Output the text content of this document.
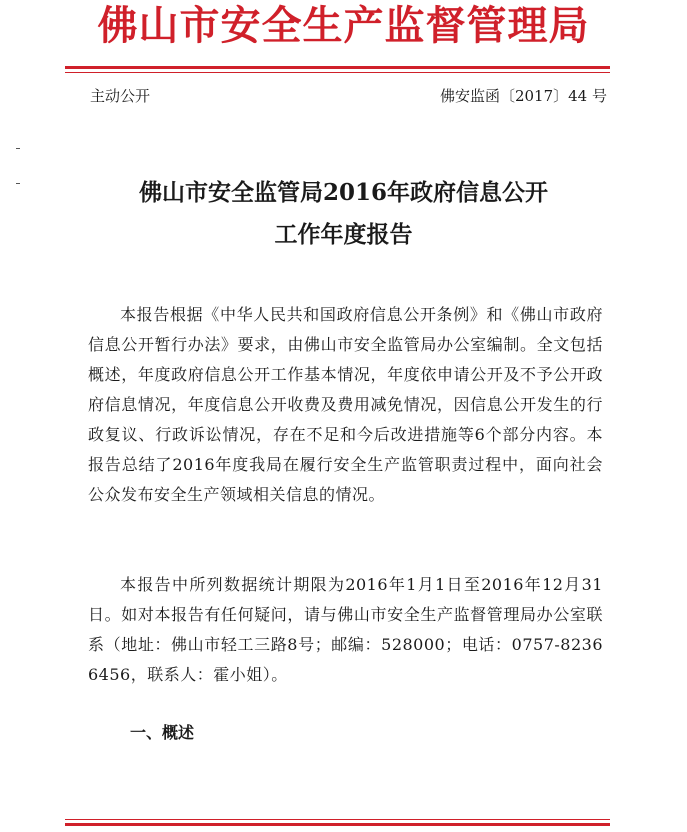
佛山市安全生产监督管理局
主动公开	佛安监函〔2017〕44 号
佛山市安全监管局2016年政府信息公开
工作年度报告
本报告根据《中华人民共和国政府信息公开条例》和《佛山市政府信息公开暂行办法》要求，由佛山市安全监管局办公室编制。全文包括概述，年度政府信息公开工作基本情况，年度依申请公开及不予公开政府信息情况，年度信息公开收费及费用减免情况，因信息公开发生的行政复议、行政诉讼情况，存在不足和今后改进措施等6个部分内容。本报告总结了2016年度我局在履行安全生产监管职责过程中，面向社会公众发布安全生产领域相关信息的情况。
本报告中所列数据统计期限为2016年1月1日至2016年12月31日。如对本报告有任何疑问，请与佛山市安全生产监督管理局办公室联系（地址：佛山市轻工三路8号；邮编：528000；电话：0757-82366456，联系人：霍小姐）。
一、概述
